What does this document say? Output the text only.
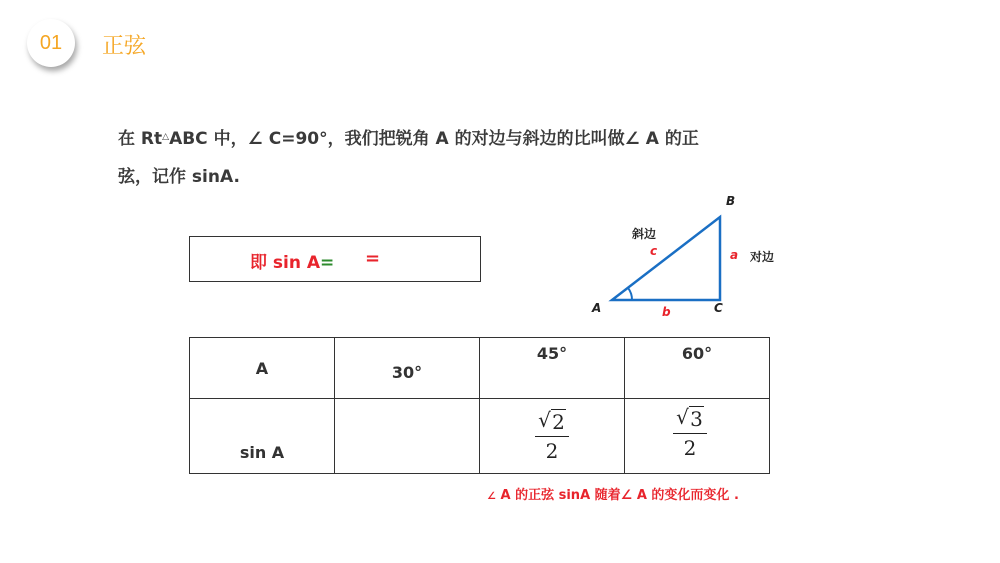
01 正弦
在 Rt△ABC 中，∠ C=90°，我们把锐角 A 的对边与斜边的比叫做∠ A 的正
弦，记作 sinA.
即 sin A= =
B
A	C
斜边
c	a 对边
b
A	30°	45°	60°
sin A		$\frac{√ 2}{2}$	$\frac{√ 3}{2}$
∠ A 的正弦 sinA 随着∠ A 的变化而变化 .
